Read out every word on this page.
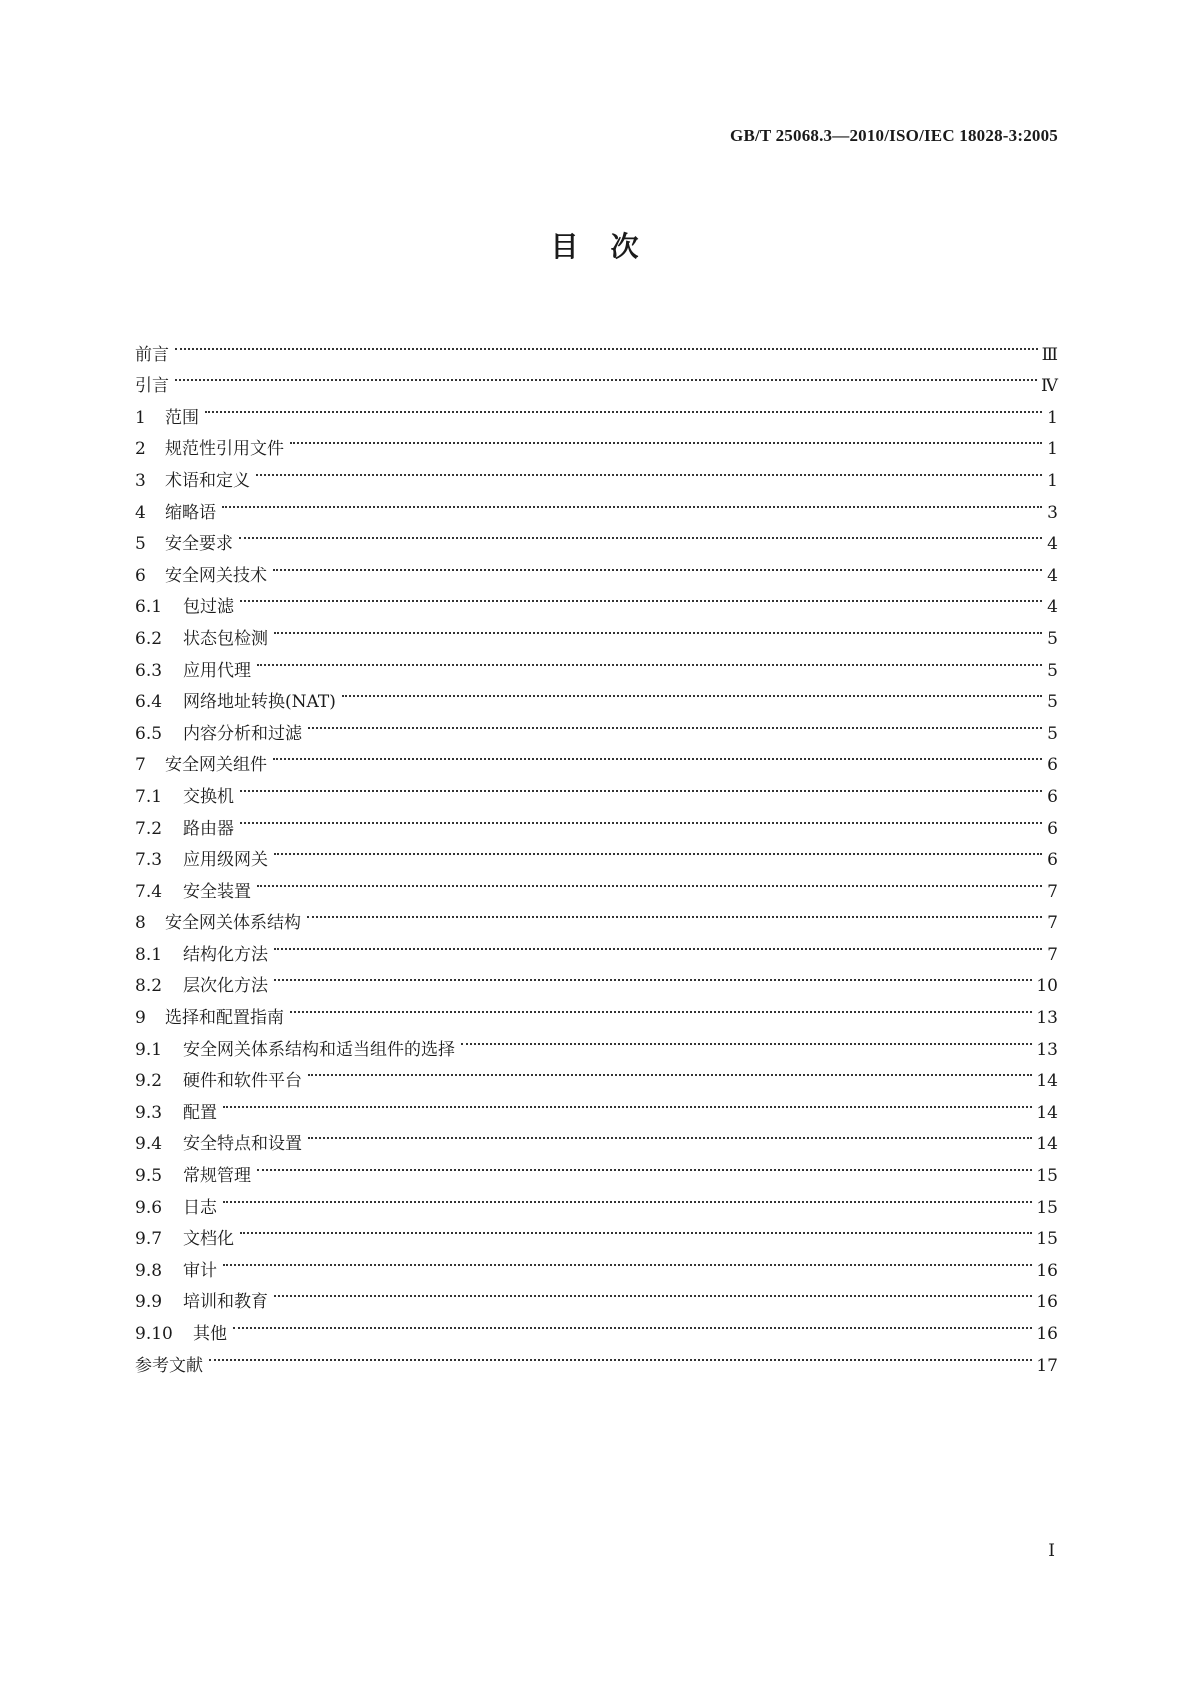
GB/T 25068.3—2010/ISO/IEC 18028-3:2005
目　次
前言	Ⅲ
引言	Ⅳ
1	范围	1
2	规范性引用文件	1
3	术语和定义	1
4	缩略语	3
5	安全要求	4
6	安全网关技术	4
6.1	包过滤	4
6.2	状态包检测	5
6.3	应用代理	5
6.4	网络地址转换(NAT)	5
6.5	内容分析和过滤	5
7	安全网关组件	6
7.1	交换机	6
7.2	路由器	6
7.3	应用级网关	6
7.4	安全装置	7
8	安全网关体系结构	7
8.1	结构化方法	7
8.2	层次化方法	10
9	选择和配置指南	13
9.1	安全网关体系结构和适当组件的选择	13
9.2	硬件和软件平台	14
9.3	配置	14
9.4	安全特点和设置	14
9.5	常规管理	15
9.6	日志	15
9.7	文档化	15
9.8	审计	16
9.9	培训和教育	16
9.10	其他	16
参考文献	17
I
